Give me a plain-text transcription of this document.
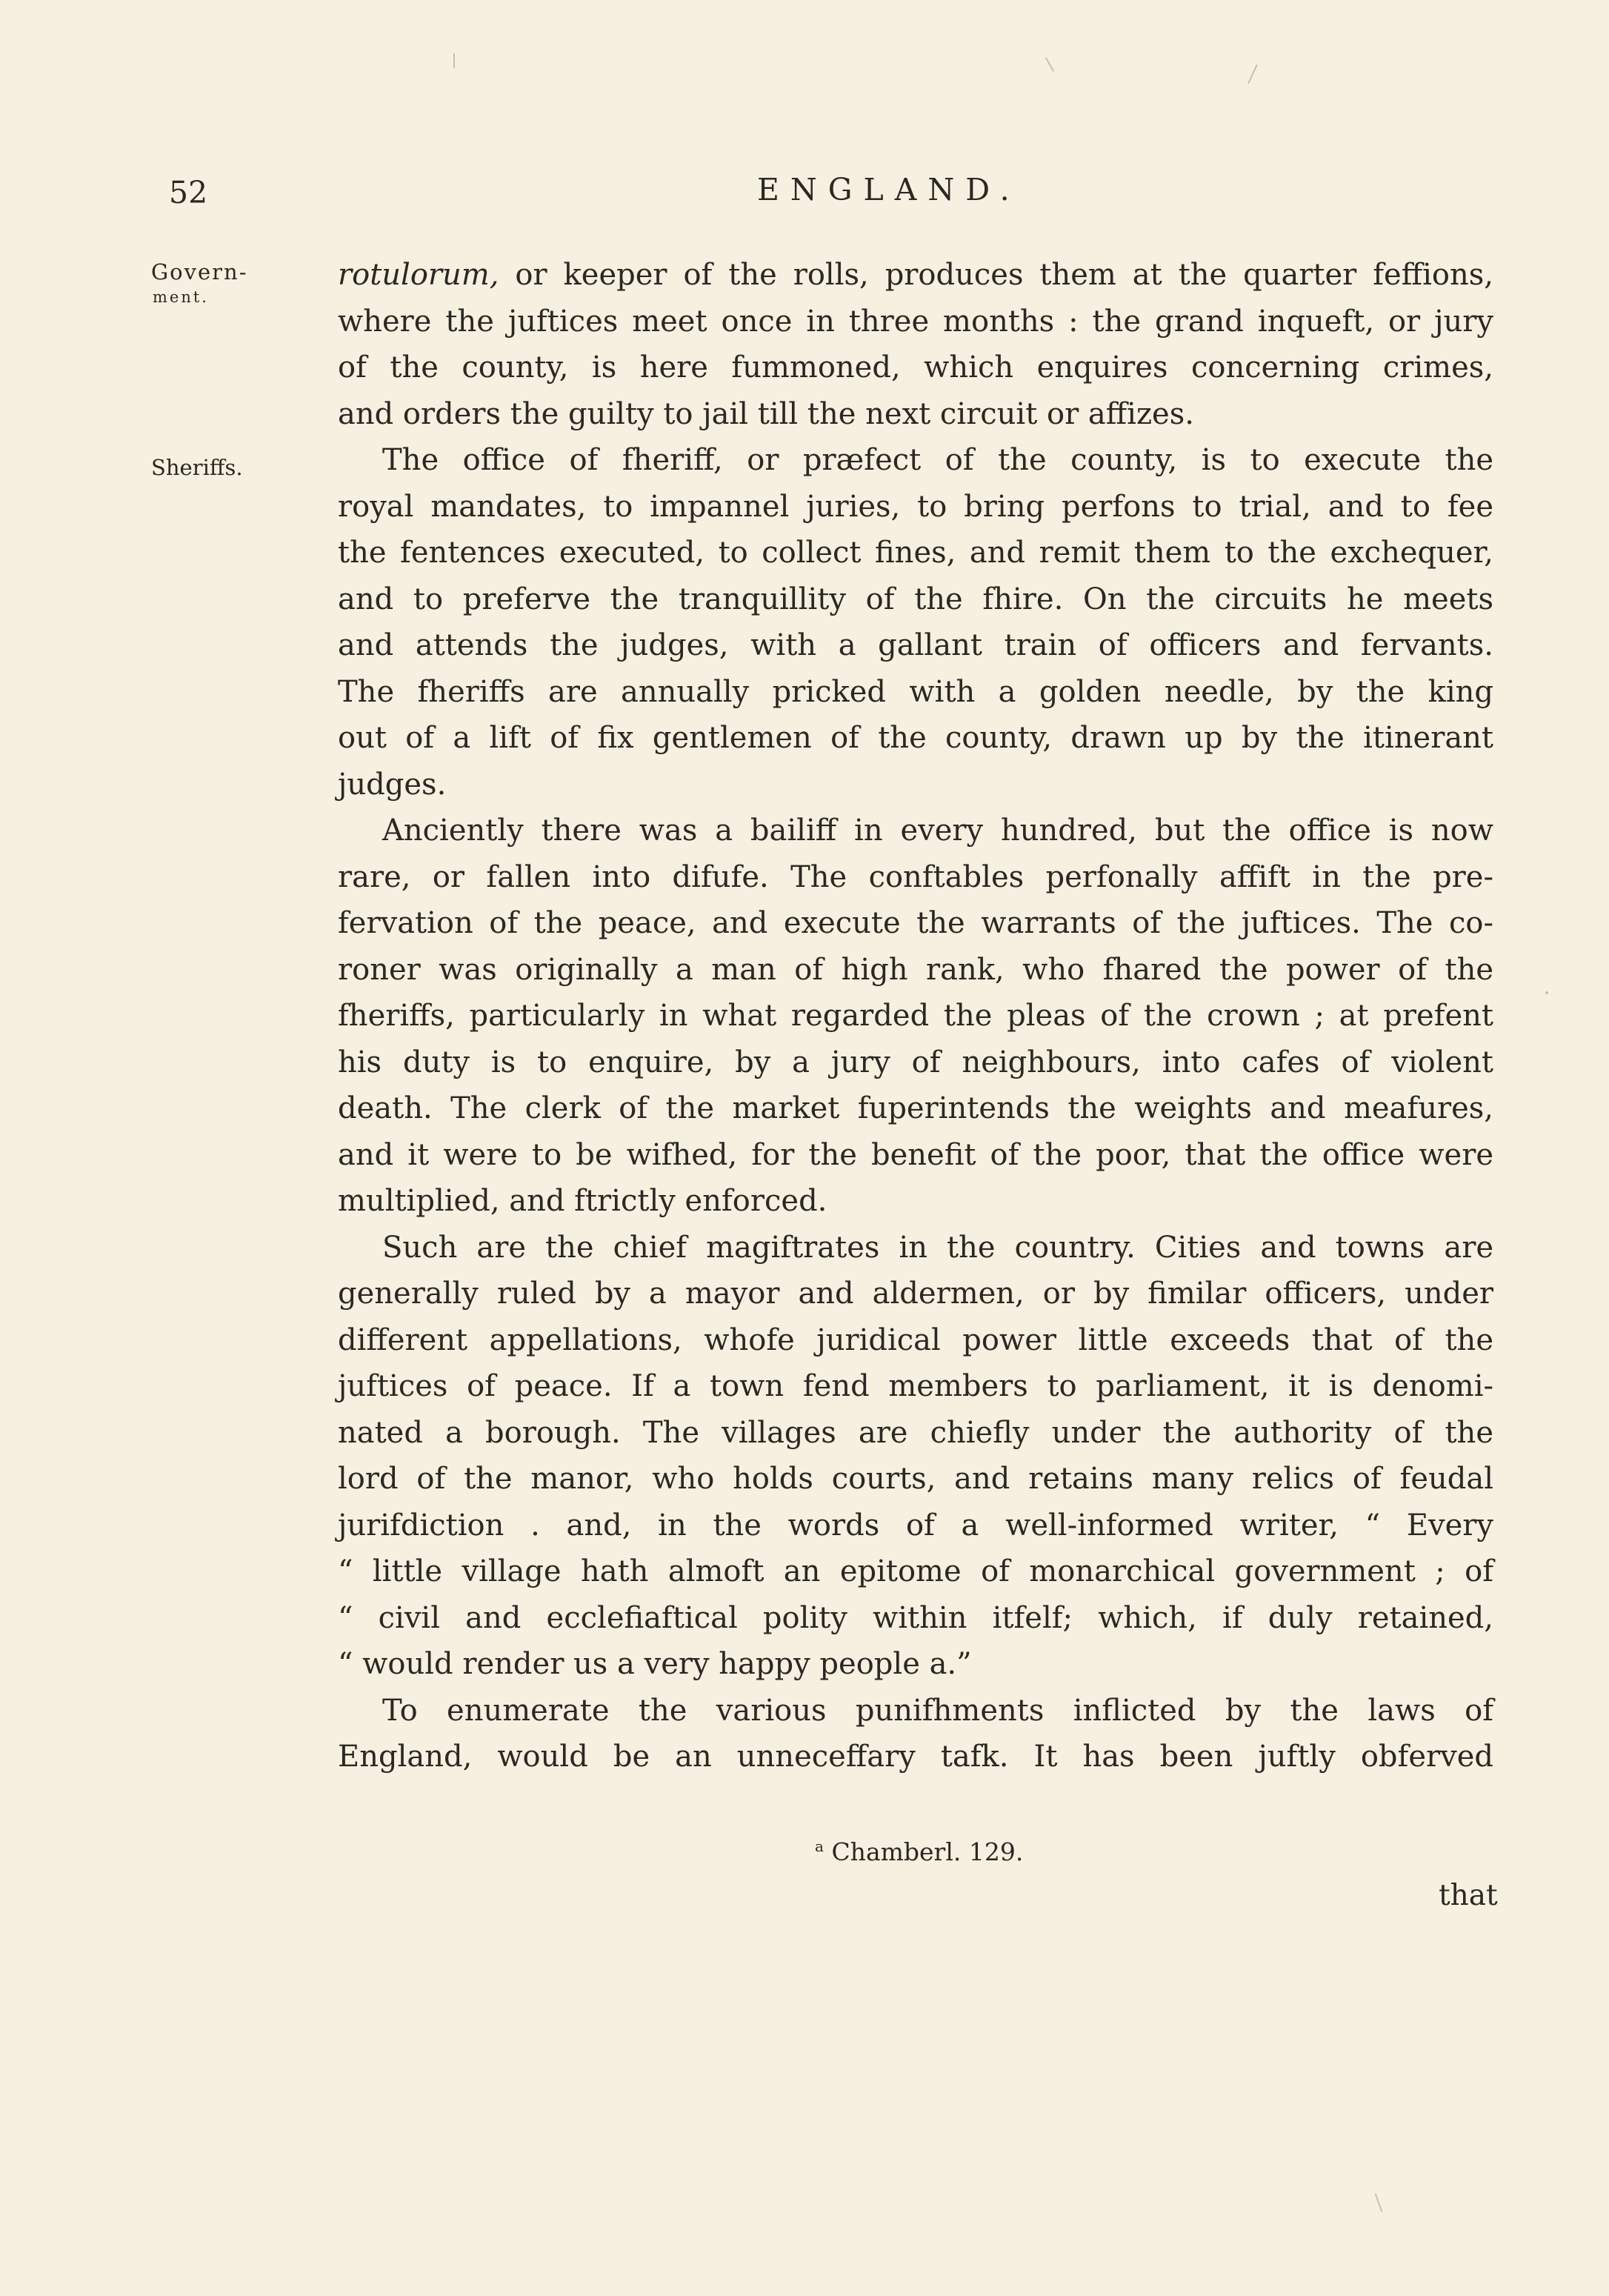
52	ENGLAND.
Govern-
ment.
Sheriffs.
rotulorum, or keeper of the rolls, produces them at the quarter feffions,
where the juftices meet once in three months : the grand inqueft, or jury
of the county, is here fummoned, which enquires concerning crimes,
and orders the guilty to jail till the next circuit or affizes.
The office of fheriff, or præfect of the county, is to execute the
royal mandates, to impannel juries, to bring perfons to trial, and to fee
the fentences executed, to collect fines, and remit them to the exchequer,
and to preferve the tranquillity of the fhire. On the circuits he meets
and attends the judges, with a gallant train of officers and fervants.
The fheriffs are annually pricked with a golden needle, by the king
out of a lift of fix gentlemen of the county, drawn up by the itinerant
judges.
Anciently there was a bailiff in every hundred, but the office is now
rare, or fallen into difufe. The conftables perfonally affift in the pre-
fervation of the peace, and execute the warrants of the juftices. The co-
roner was originally a man of high rank, who fhared the power of the
fheriffs, particularly in what regarded the pleas of the crown ; at prefent
his duty is to enquire, by a jury of neighbours, into cafes of violent
death. The clerk of the market fuperintends the weights and meafures,
and it were to be wifhed, for the benefit of the poor, that the office were
multiplied, and ftrictly enforced.
Such are the chief magiftrates in the country. Cities and towns are
generally ruled by a mayor and aldermen, or by fimilar officers, under
different appellations, whofe juridical power little exceeds that of the
juftices of peace. If a town fend members to parliament, it is denomi-
nated a borough. The villages are chiefly under the authority of the
lord of the manor, who holds courts, and retains many relics of feudal
jurifdiction . and, in the words of a well-informed writer, “ Every
“ little village hath almoft an epitome of monarchical government ; of
“ civil and ecclefiaftical polity within itfelf; which, if duly retained,
“ would render us a very happy people a.”
To enumerate the various punifhments inflicted by the laws of
England, would be an unneceffary tafk. It has been juftly obferved
$^a$ Chamberl. 129.
that
